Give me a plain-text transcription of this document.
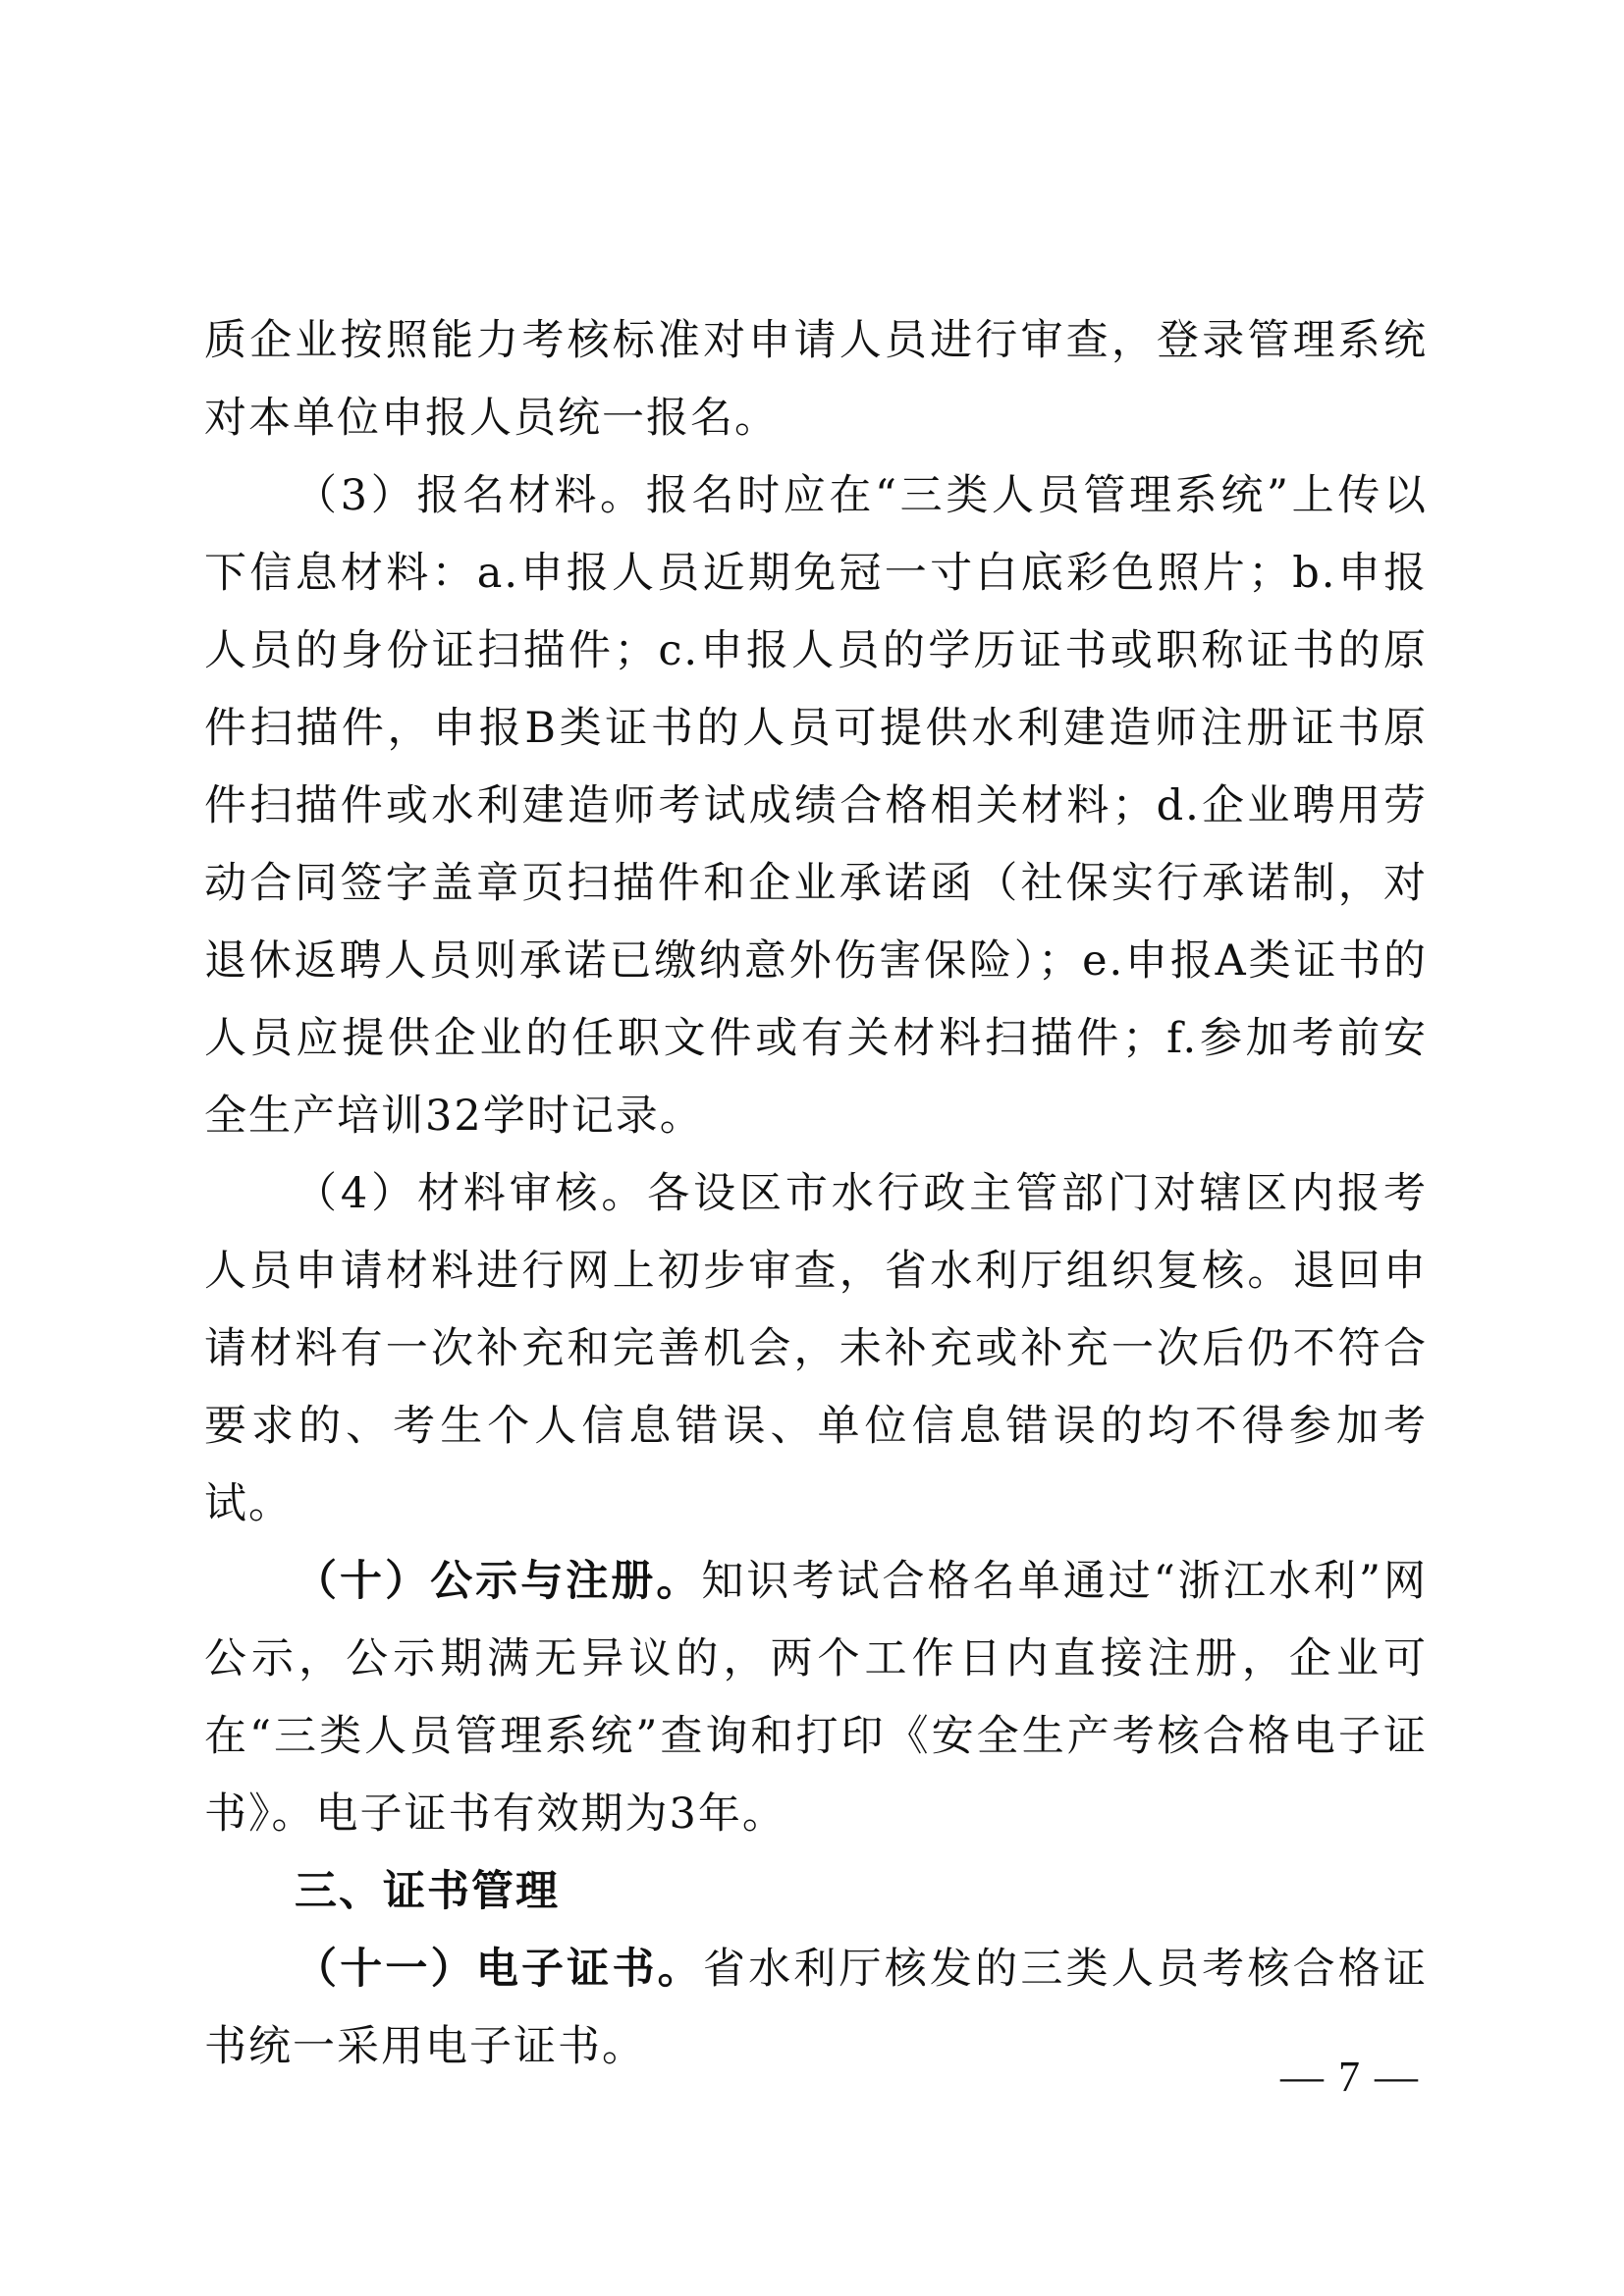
质企业按照能力考核标准对申请人员进行审查，登录管理系统对本单位申报人员统一报名。

（3）报名材料。报名时应在“三类人员管理系统”上传以下信息材料：a.申报人员近期免冠一寸白底彩色照片；b.申报人员的身份证扫描件；c.申报人员的学历证书或职称证书的原件扫描件，申报B类证书的人员可提供水利建造师注册证书原件扫描件或水利建造师考试成绩合格相关材料；d.企业聘用劳动合同签字盖章页扫描件和企业承诺函（社保实行承诺制，对退休返聘人员则承诺已缴纳意外伤害保险）；e.申报A类证书的人员应提供企业的任职文件或有关材料扫描件；f.参加考前安全生产培训32学时记录。

（4）材料审核。各设区市水行政主管部门对辖区内报考人员申请材料进行网上初步审查，省水利厅组织复核。退回申请材料有一次补充和完善机会，未补充或补充一次后仍不符合要求的、考生个人信息错误、单位信息错误的均不得参加考试。

（十）公示与注册。知识考试合格名单通过“浙江水利”网公示，公示期满无异议的，两个工作日内直接注册，企业可在“三类人员管理系统”查询和打印《安全生产考核合格电子证书》。电子证书有效期为3年。

三、证书管理

（十一）电子证书。省水利厅核发的三类人员考核合格证书统一采用电子证书。

— 7 —
